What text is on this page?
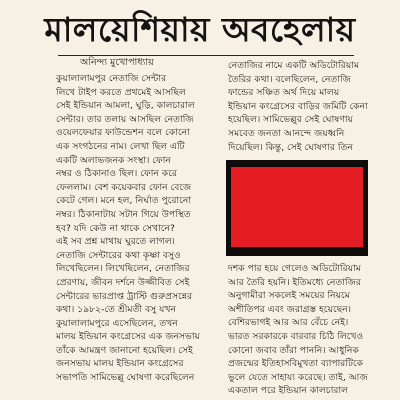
মালয়েশিয়ায় অবহেলায়
অনিন্দ্য মুখোপাধ্যায়
কুয়ালালামপুর নেতাজি সেন্টার
লিখে টাইপ করতে প্রথমেই আসছিল
সেই ইন্ডিয়ান আমলা, ঘুড়ি, কালচারাল
সেন্টার। তার তলায় আসছিল নেতাজি
ওয়েলফেয়ার ফাউন্ডেশন বলে কোনো
এক সংগঠনের নাম। লেখা ছিল এটি
একটি অলাভজনক সংস্থা। ফোন
নম্বর ও ঠিকানাও ছিল। ফোন করে
ফেললাম। বেশ কয়েকবার ফোন বেজে
কেটে গেল। মনে হল, নির্ঘাত পুরোনো
নম্বর। ঠিকানাটায় সটান গিয়ে উপস্থিত
হব? যদি কেউ না থাকে সেখানে?
এই সব প্রশ্ন মাথায় ঘুরতে লাগল।
নেতাজি সেন্টারের কথা কৃষ্ণা বসুও
লিখেছিলেন। লিখেছিলেন, নেতাজির
প্রেরণায়, জীবন দর্শনে উজ্জীবিত সেই
সেন্টারের ভারপ্রাপ্ত ট্রাস্টি গুরুপ্রসন্নের
কথা। ১৯৮২-তে শ্রীমতী বসু যখন
কুয়ালালামপুরে এসেছিলেন, তখন
মালয় ইন্ডিয়ান কংগ্রেসের এক জনসভায়
তাঁকে আমন্ত্রণ জানানো হয়েছিল। সেই
জনসভায় মালয় ইন্ডিয়ান কংগ্রেসের
সভাপতি সামিভেল্লু ঘোষণা করেছিলেন
নেতাজির নামে একটি অডিটোরিয়াম
তৈরির কথা। বলেছিলেন, নেতাজি
ফান্ডের সঞ্চিত অর্থ দিয়ে মালয়
ইন্ডিয়ান কংগ্রেসের বাড়ির জমিটি কেনা
হয়েছিল। সামিভেল্লুর সেই ঘোষণায়
সমবেত জনতা আনন্দে জয়ধ্বনি
দিয়েছিল। কিন্তু, সেই ঘোষণার তিন
দশক পার হয়ে গেলেও অডিটোরিয়াম
আর তৈরি হয়নি। ইতিমধ্যে নেতাজির
অনুগামীরা সকলেই সময়ের নিয়মে
অশীতিপর এবং জরাগ্রস্ত হয়েছেন।
বেশিরভাগই আর আর বেঁচে নেই।
ভারত সরকারকে বারবার চিঠি লিখেও
কোনো জবাব তাঁরা পাননি। আধুনিক
প্রজন্মের ইতিহাসবিমুখতা ব্যাপারটিকে
ভুলে যেতে সাহায্য করেছে। তাই, আজ
একতাল পরে ইন্ডিয়ান কালচারাল
